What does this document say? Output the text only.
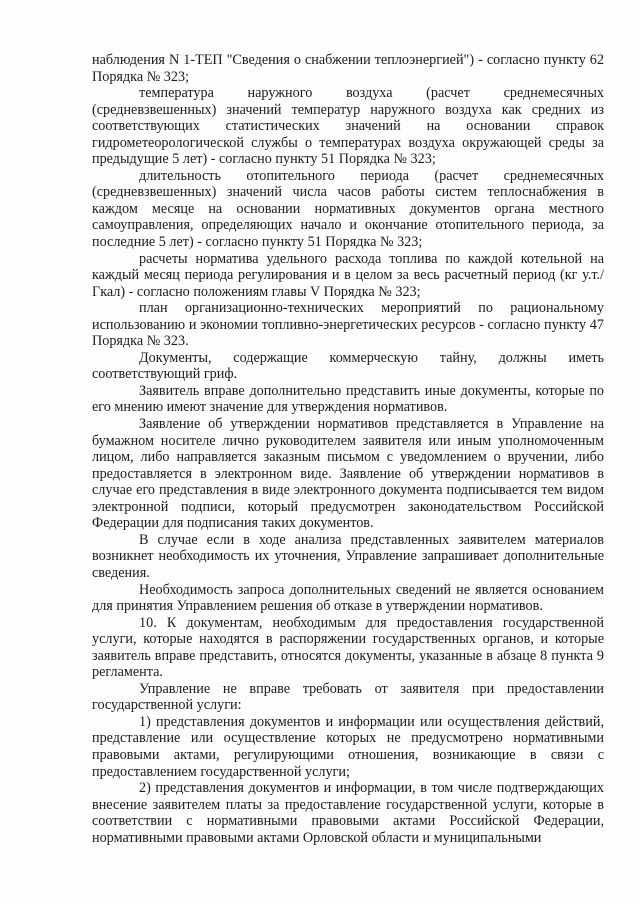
наблюдения N 1-ТЕП "Сведения о снабжении теплоэнергией") - согласно пункту 62 Порядка № 323;

температура наружного воздуха (расчет среднемесячных (средневзвешенных) значений температур наружного воздуха как средних из соответствующих статистических значений на основании справок гидрометеорологической службы о температурах воздуха окружающей среды за предыдущие 5 лет) - согласно пункту 51 Порядка № 323;

длительность отопительного периода (расчет среднемесячных (средневзвешенных) значений числа часов работы систем теплоснабжения в каждом месяце на основании нормативных документов органа местного самоуправления, определяющих начало и окончание отопительного периода, за последние 5 лет) - согласно пункту 51 Порядка № 323;

расчеты норматива удельного расхода топлива по каждой котельной на каждый месяц периода регулирования и в целом за весь расчетный период (кг у.т./Гкал) - согласно положениям главы V Порядка № 323;

план организационно-технических мероприятий по рациональному использованию и экономии топливно-энергетических ресурсов - согласно пункту 47 Порядка № 323.

Документы, содержащие коммерческую тайну, должны иметь соответствующий гриф.

Заявитель вправе дополнительно представить иные документы, которые по его мнению имеют значение для утверждения нормативов.

Заявление об утверждении нормативов представляется в Управление на бумажном носителе лично руководителем заявителя или иным уполномоченным лицом, либо направляется заказным письмом с уведомлением о вручении, либо предоставляется в электронном виде. Заявление об утверждении нормативов в случае его представления в виде электронного документа подписывается тем видом электронной подписи, который предусмотрен законодательством Российской Федерации для подписания таких документов.

В случае если в ходе анализа представленных заявителем материалов возникнет необходимость их уточнения, Управление запрашивает дополнительные сведения.

Необходимость запроса дополнительных сведений не является основанием для принятия Управлением решения об отказе в утверждении нормативов.

10. К документам, необходимым для предоставления государственной услуги, которые находятся в распоряжении государственных органов, и которые заявитель вправе представить, относятся документы, указанные в абзаце 8 пункта 9 регламента.

Управление не вправе требовать от заявителя при предоставлении государственной услуги:

1) представления документов и информации или осуществления действий, представление или осуществление которых не предусмотрено нормативными правовыми актами, регулирующими отношения, возникающие в связи с предоставлением государственной услуги;

2) представления документов и информации, в том числе подтверждающих внесение заявителем платы за предоставление государственной услуги, которые в соответствии с нормативными правовыми актами Российской Федерации, нормативными правовыми актами Орловской области и муниципальными
